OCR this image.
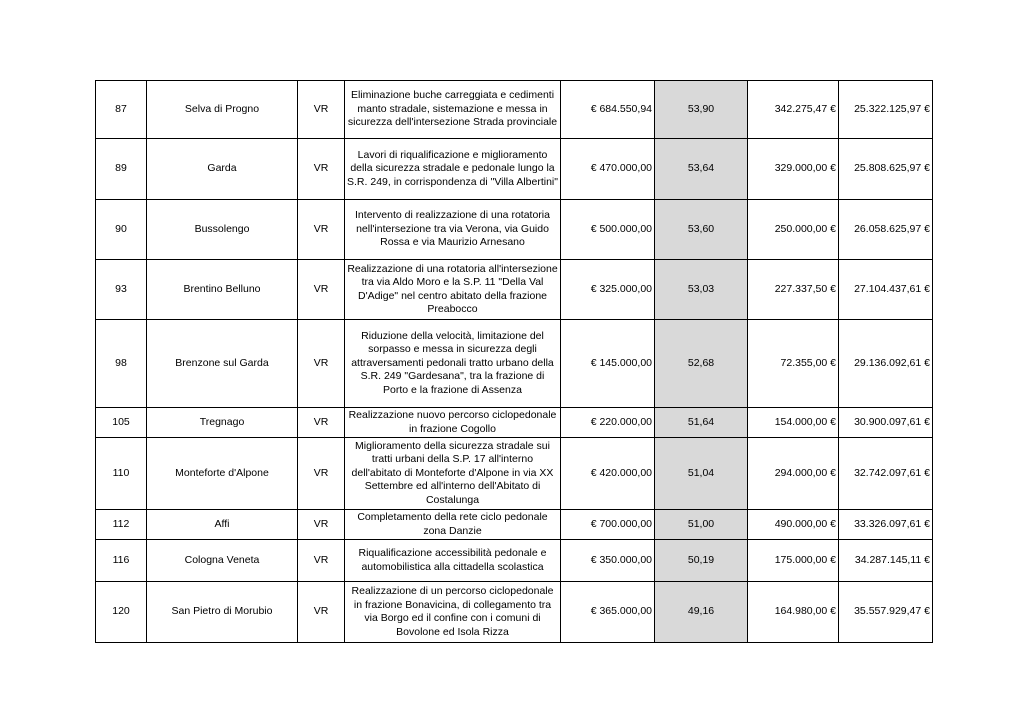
87	Selva di Progno	VR	Eliminazione buche carreggiata e cedimenti manto stradale, sistemazione e messa in sicurezza dell'intersezione Strada provinciale	€ 684.550,94	53,90	342.275,47 €	25.322.125,97 €
89	Garda	VR	Lavori di riqualificazione e miglioramento della sicurezza stradale e pedonale lungo la S.R. 249, in corrispondenza di "Villa Albertini"	€ 470.000,00	53,64	329.000,00 €	25.808.625,97 €
90	Bussolengo	VR	Intervento di realizzazione di una rotatoria nell'intersezione tra via Verona, via Guido Rossa e via Maurizio Arnesano	€ 500.000,00	53,60	250.000,00 €	26.058.625,97 €
93	Brentino Belluno	VR	Realizzazione di una rotatoria all'intersezione tra via Aldo Moro e la S.P. 11 "Della Val D'Adige" nel centro abitato della frazione Preabocco	€ 325.000,00	53,03	227.337,50 €	27.104.437,61 €
98	Brenzone sul Garda	VR	Riduzione della velocità, limitazione del sorpasso e messa in sicurezza degli attraversamenti pedonali tratto urbano della S.R. 249 "Gardesana", tra la frazione di Porto e la frazione di Assenza	€ 145.000,00	52,68	72.355,00 €	29.136.092,61 €
105	Tregnago	VR	Realizzazione nuovo percorso ciclopedonale in frazione Cogollo	€ 220.000,00	51,64	154.000,00 €	30.900.097,61 €
110	Monteforte d'Alpone	VR	Miglioramento della sicurezza stradale sui tratti urbani della S.P. 17 all'interno dell'abitato di Monteforte d'Alpone in via XX Settembre ed all'interno dell'Abitato di Costalunga	€ 420.000,00	51,04	294.000,00 €	32.742.097,61 €
112	Affi	VR	Completamento della rete ciclo pedonale zona Danzie	€ 700.000,00	51,00	490.000,00 €	33.326.097,61 €
116	Cologna Veneta	VR	Riqualificazione accessibilità pedonale e automobilistica alla cittadella scolastica	€ 350.000,00	50,19	175.000,00 €	34.287.145,11 €
120	San Pietro di Morubio	VR	Realizzazione di un percorso ciclopedonale in frazione Bonavicina, di collegamento tra via Borgo ed il confine con i comuni di Bovolone ed Isola Rizza	€ 365.000,00	49,16	164.980,00 €	35.557.929,47 €
